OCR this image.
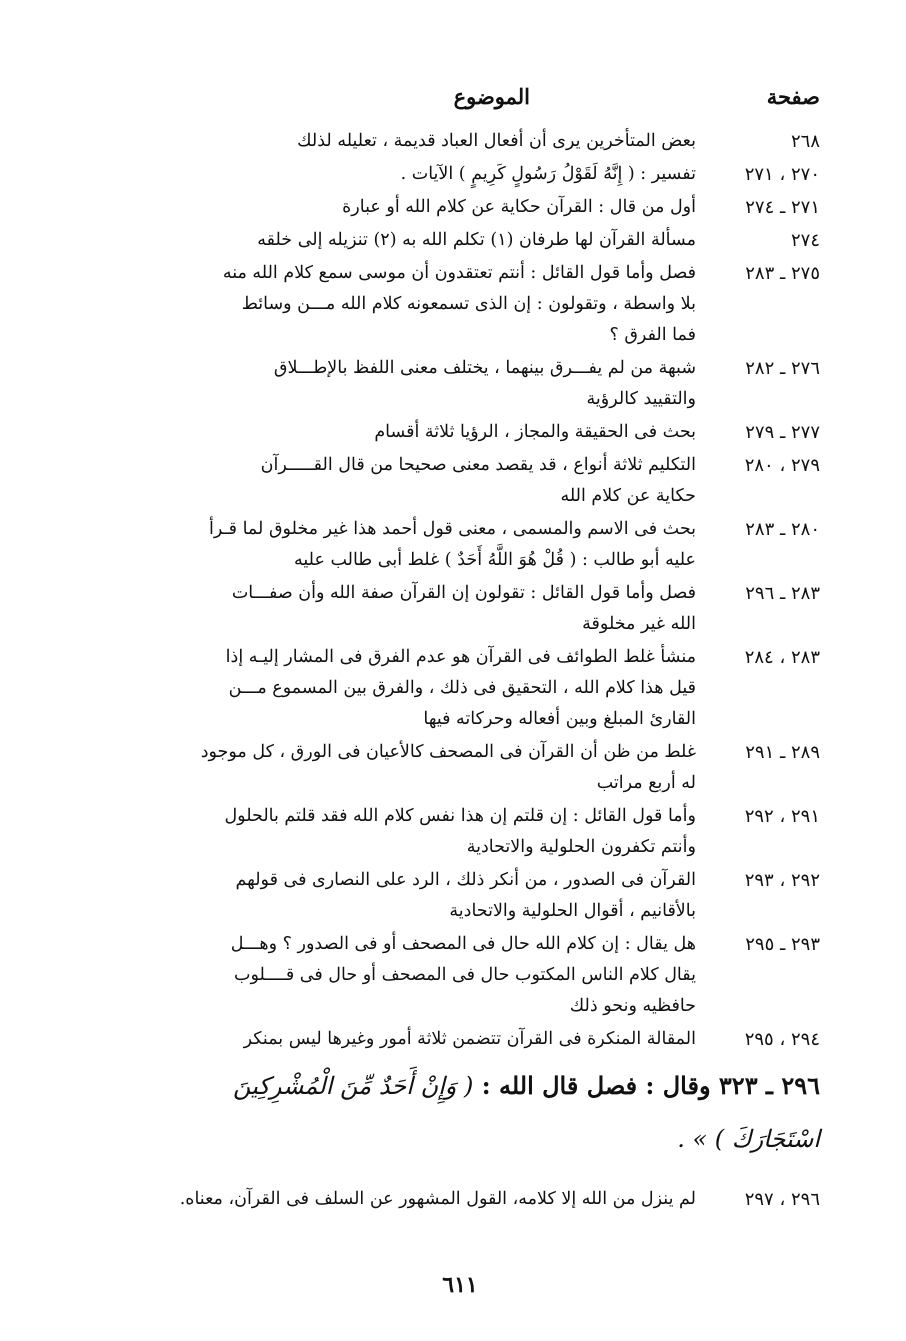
صفحة
الموضوع
٢٦٨
بعض المتأخرين يرى أن أفعال العباد قديمة ، تعليله لذلك
٢٧٠ ، ٢٧١
تفسير : ( إِنَّهُ لَقَوْلُ رَسُولٍ كَرِيمٍ ) الآيات .
٢٧١ ـ ٢٧٤
أول من قال : القرآن حكاية عن كلام الله أو عبارة
٢٧٤
مسألة القرآن لها طرفان (١) تكلم الله به (٢) تنزيله إلى خلقه
٢٧٥ ـ ٢٨٣
فصل وأما قول القائل : أنتم تعتقدون أن موسى سمع كلام الله منه
بلا واسطة ، وتقولون : إن الذى تسمعونه كلام الله مـــن وسائط
فما الفرق ؟
٢٧٦ ـ ٢٨٢
شبهة من لم يفـــرق بينهما ، يختلف معنى اللفظ بالإطـــلاق
والتقييد كالرؤية
٢٧٧ ـ ٢٧٩
بحث فى الحقيقة والمجاز ، الرؤيا ثلاثة أقسام
٢٧٩ ، ٢٨٠
التكليم ثلاثة أنواع ، قد يقصد معنى صحيحا من قال القـــــرآن
حكاية عن كلام الله
٢٨٠ ـ ٢٨٣
بحث فى الاسم والمسمى ، معنى قول أحمد هذا غير مخلوق لما قـرأ
عليه أبو طالب : ( قُلْ هُوَ اللَّهُ أَحَدٌ ) غلط أبى طالب عليه
٢٨٣ ـ ٢٩٦
فصل وأما قول القائل : تقولون إن القرآن صفة الله وأن صفـــات
الله غير مخلوقة
٢٨٣ ، ٢٨٤
منشأ غلط الطوائف فى القرآن هو عدم الفرق فى المشار إليـه إذا
قيل هذا كلام الله ، التحقيق فى ذلك ، والفرق بين المسموع مـــن
القارئ المبلغ وبين أفعاله وحركاته فيها
٢٨٩ ـ ٢٩١
غلط من ظن أن القرآن فى المصحف كالأعيان فى الورق ، كل موجود
له أربع مراتب
٢٩١ ، ٢٩٢
وأما قول القائل : إن قلتم إن هذا نفس كلام الله فقد قلتم بالحلول
وأنتم تكفرون الحلولية والاتحادية
٢٩٢ ، ٢٩٣
القرآن فى الصدور ، من أنكر ذلك ، الرد على النصارى فى قولهم
بالأقانيم ، أقوال الحلولية والاتحادية
٢٩٣ ـ ٢٩٥
هل يقال : إن كلام الله حال فى المصحف أو فى الصدور ؟ وهـــل
يقال كلام الناس المكتوب حال فى المصحف أو حال فى قــــلوب
حافظيه ونحو ذلك
٢٩٤ ، ٢٩٥
المقالة المنكرة فى القرآن تتضمن ثلاثة أمور وغيرها ليس بمنكر
٢٩٦ ـ ٣٢٣ وقال : فصل قال الله : ( وَإِنْ أَحَدٌ مِّنَ الْمُشْرِكِينَ
اسْتَجَارَكَ ) » .
٢٩٦ ، ٢٩٧
لم ينزل من الله إلا كلامه، القول المشهور عن السلف فى القرآن، معناه.
٦١١
